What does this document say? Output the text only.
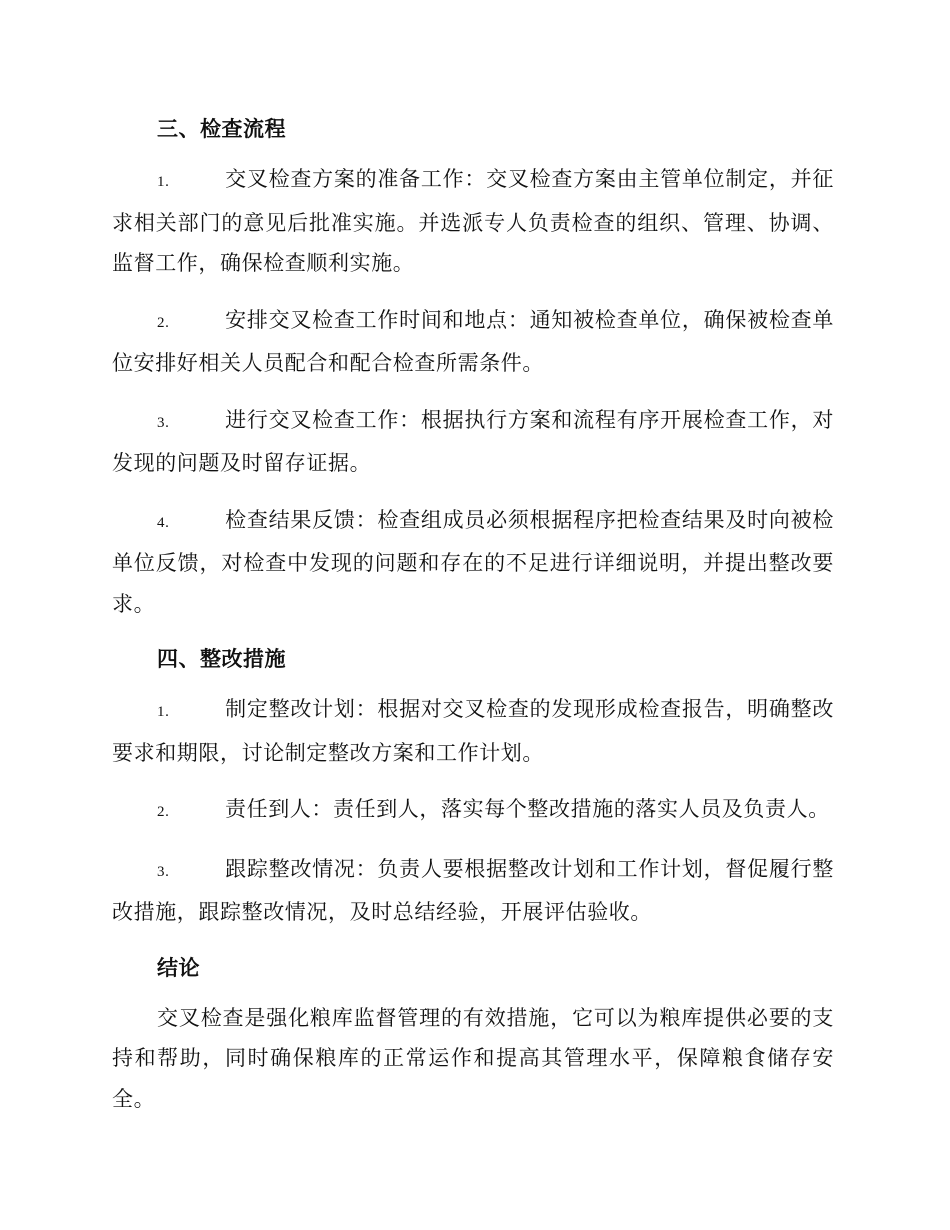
三、检查流程

1.	交叉检查方案的准备工作：交叉检查方案由主管单位制定，并征求相关部门的意见后批准实施。并选派专人负责检查的组织、管理、协调、监督工作，确保检查顺利实施。

2.	安排交叉检查工作时间和地点：通知被检查单位，确保被检查单位安排好相关人员配合和配合检查所需条件。

3.	进行交叉检查工作：根据执行方案和流程有序开展检查工作，对发现的问题及时留存证据。

4.	检查结果反馈：检查组成员必须根据程序把检查结果及时向被检单位反馈，对检查中发现的问题和存在的不足进行详细说明，并提出整改要求。

四、整改措施

1.	制定整改计划：根据对交叉检查的发现形成检查报告，明确整改要求和期限，讨论制定整改方案和工作计划。

2.	责任到人：责任到人，落实每个整改措施的落实人员及负责人。

3.	跟踪整改情况：负责人要根据整改计划和工作计划，督促履行整改措施，跟踪整改情况，及时总结经验，开展评估验收。

结论

交叉检查是强化粮库监督管理的有效措施，它可以为粮库提供必要的支持和帮助，同时确保粮库的正常运作和提高其管理水平，保障粮食储存安全。
